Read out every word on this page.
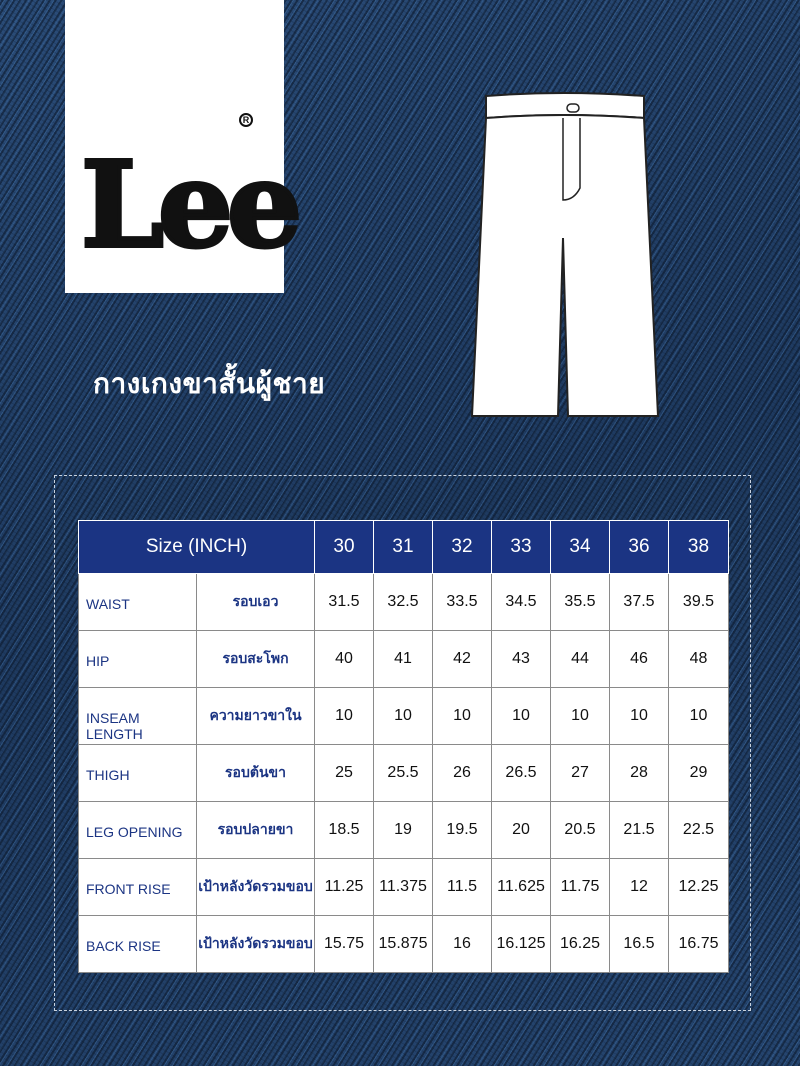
Lee
R
กางเกงขาสั้นผู้ชาย
Size (INCH)		30	31	32	33	34	36	38
WAIST	รอบเอว	31.5	32.5	33.5	34.5	35.5	37.5	39.5
HIP	รอบสะโพก	40	41	42	43	44	46	48
INSEAM LENGTH	ความยาวขาใน	10	10	10	10	10	10	10
THIGH	รอบต้นขา	25	25.5	26	26.5	27	28	29
LEG OPENING	รอบปลายขา	18.5	19	19.5	20	20.5	21.5	22.5
FRONT RISE	เป้าหลังวัดรวมขอบ	11.25	11.375	11.5	11.625	11.75	12	12.25
BACK RISE	เป้าหลังวัดรวมขอบ	15.75	15.875	16	16.125	16.25	16.5	16.75
